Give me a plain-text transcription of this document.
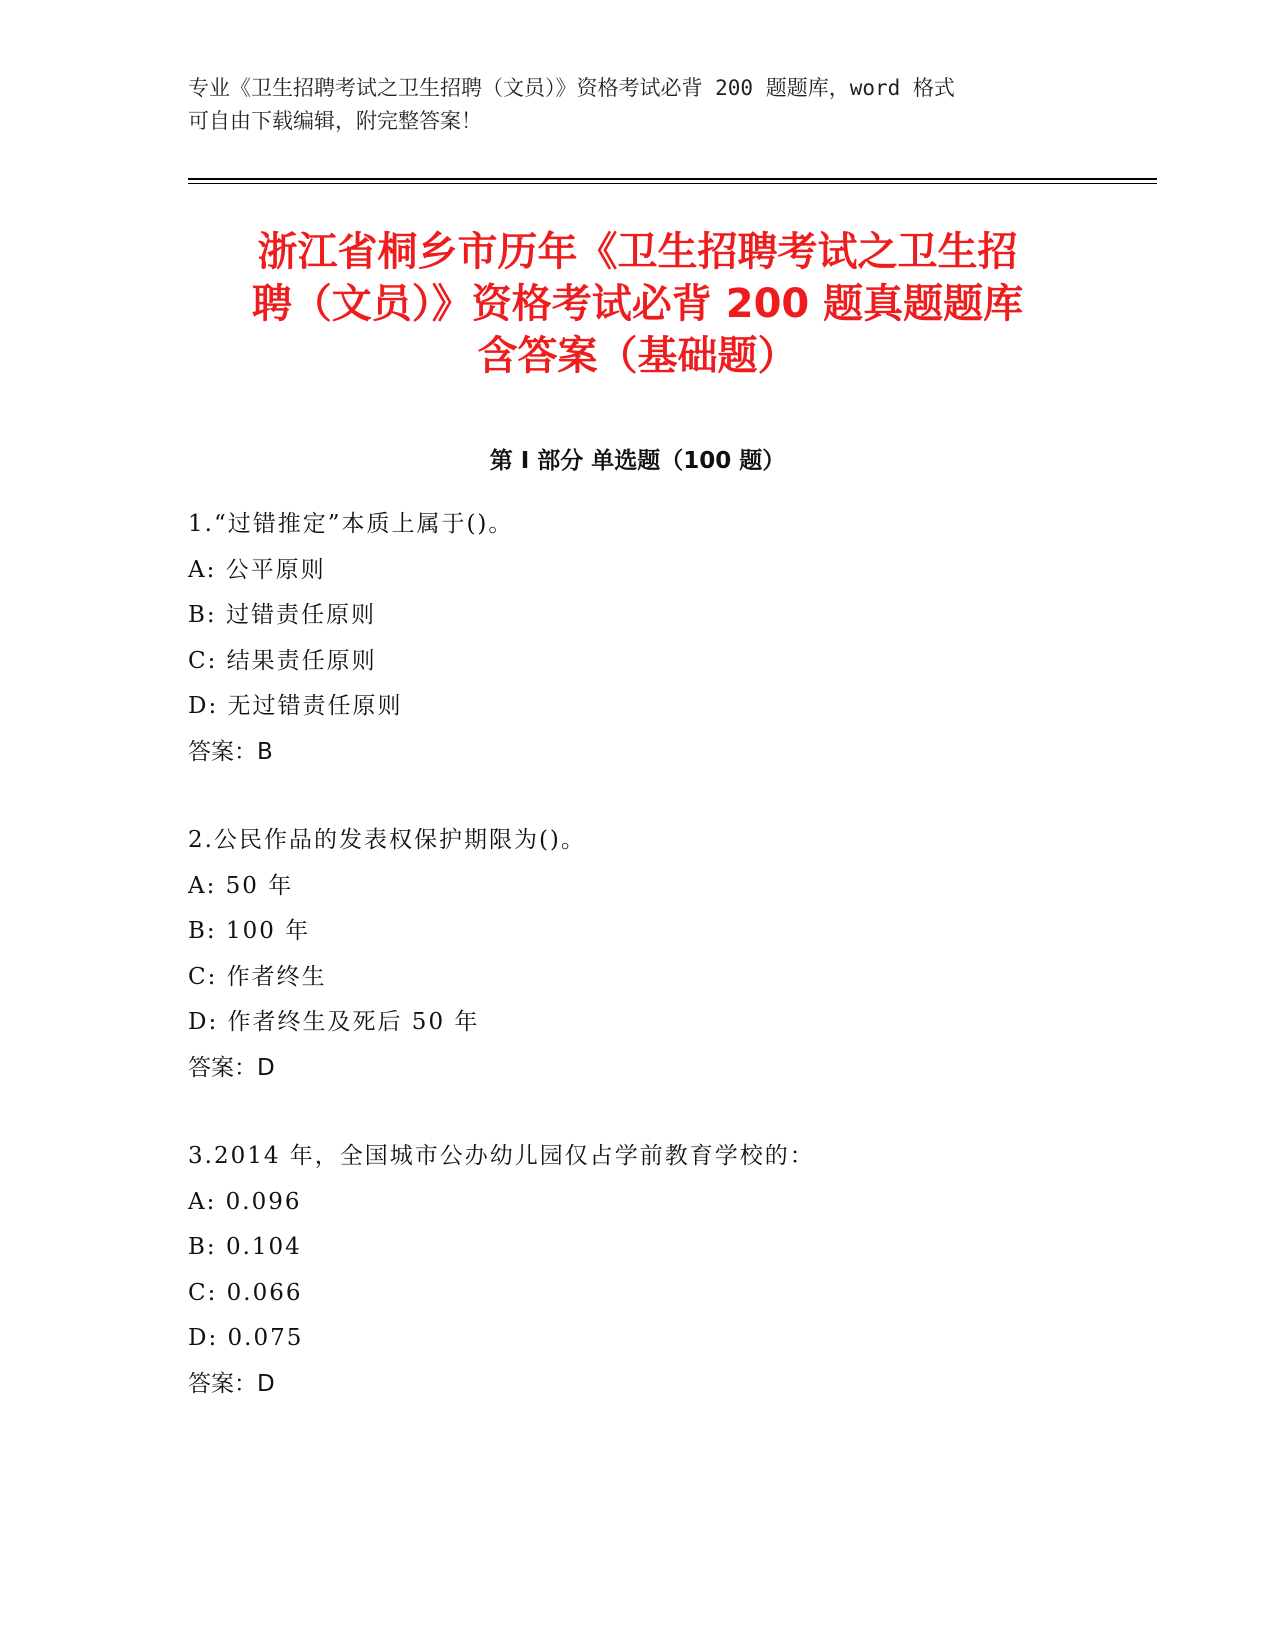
专业《卫生招聘考试之卫生招聘（文员）》资格考试必背 200 题题库，word 格式
可自由下载编辑，附完整答案！
浙江省桐乡市历年《卫生招聘考试之卫生招
聘（文员）》资格考试必背 200 题真题题库
含答案（基础题）
第 I 部分 单选题（100 题）
1.“过错推定”本质上属于()。
A: 公平原则
B: 过错责任原则
C: 结果责任原则
D: 无过错责任原则
答案：B
2.公民作品的发表权保护期限为()。
A: 50 年
B: 100 年
C: 作者终生
D: 作者终生及死后 50 年
答案：D
3.2014 年，全国城市公办幼儿园仅占学前教育学校的：
A: 0.096
B: 0.104
C: 0.066
D: 0.075
答案：D
